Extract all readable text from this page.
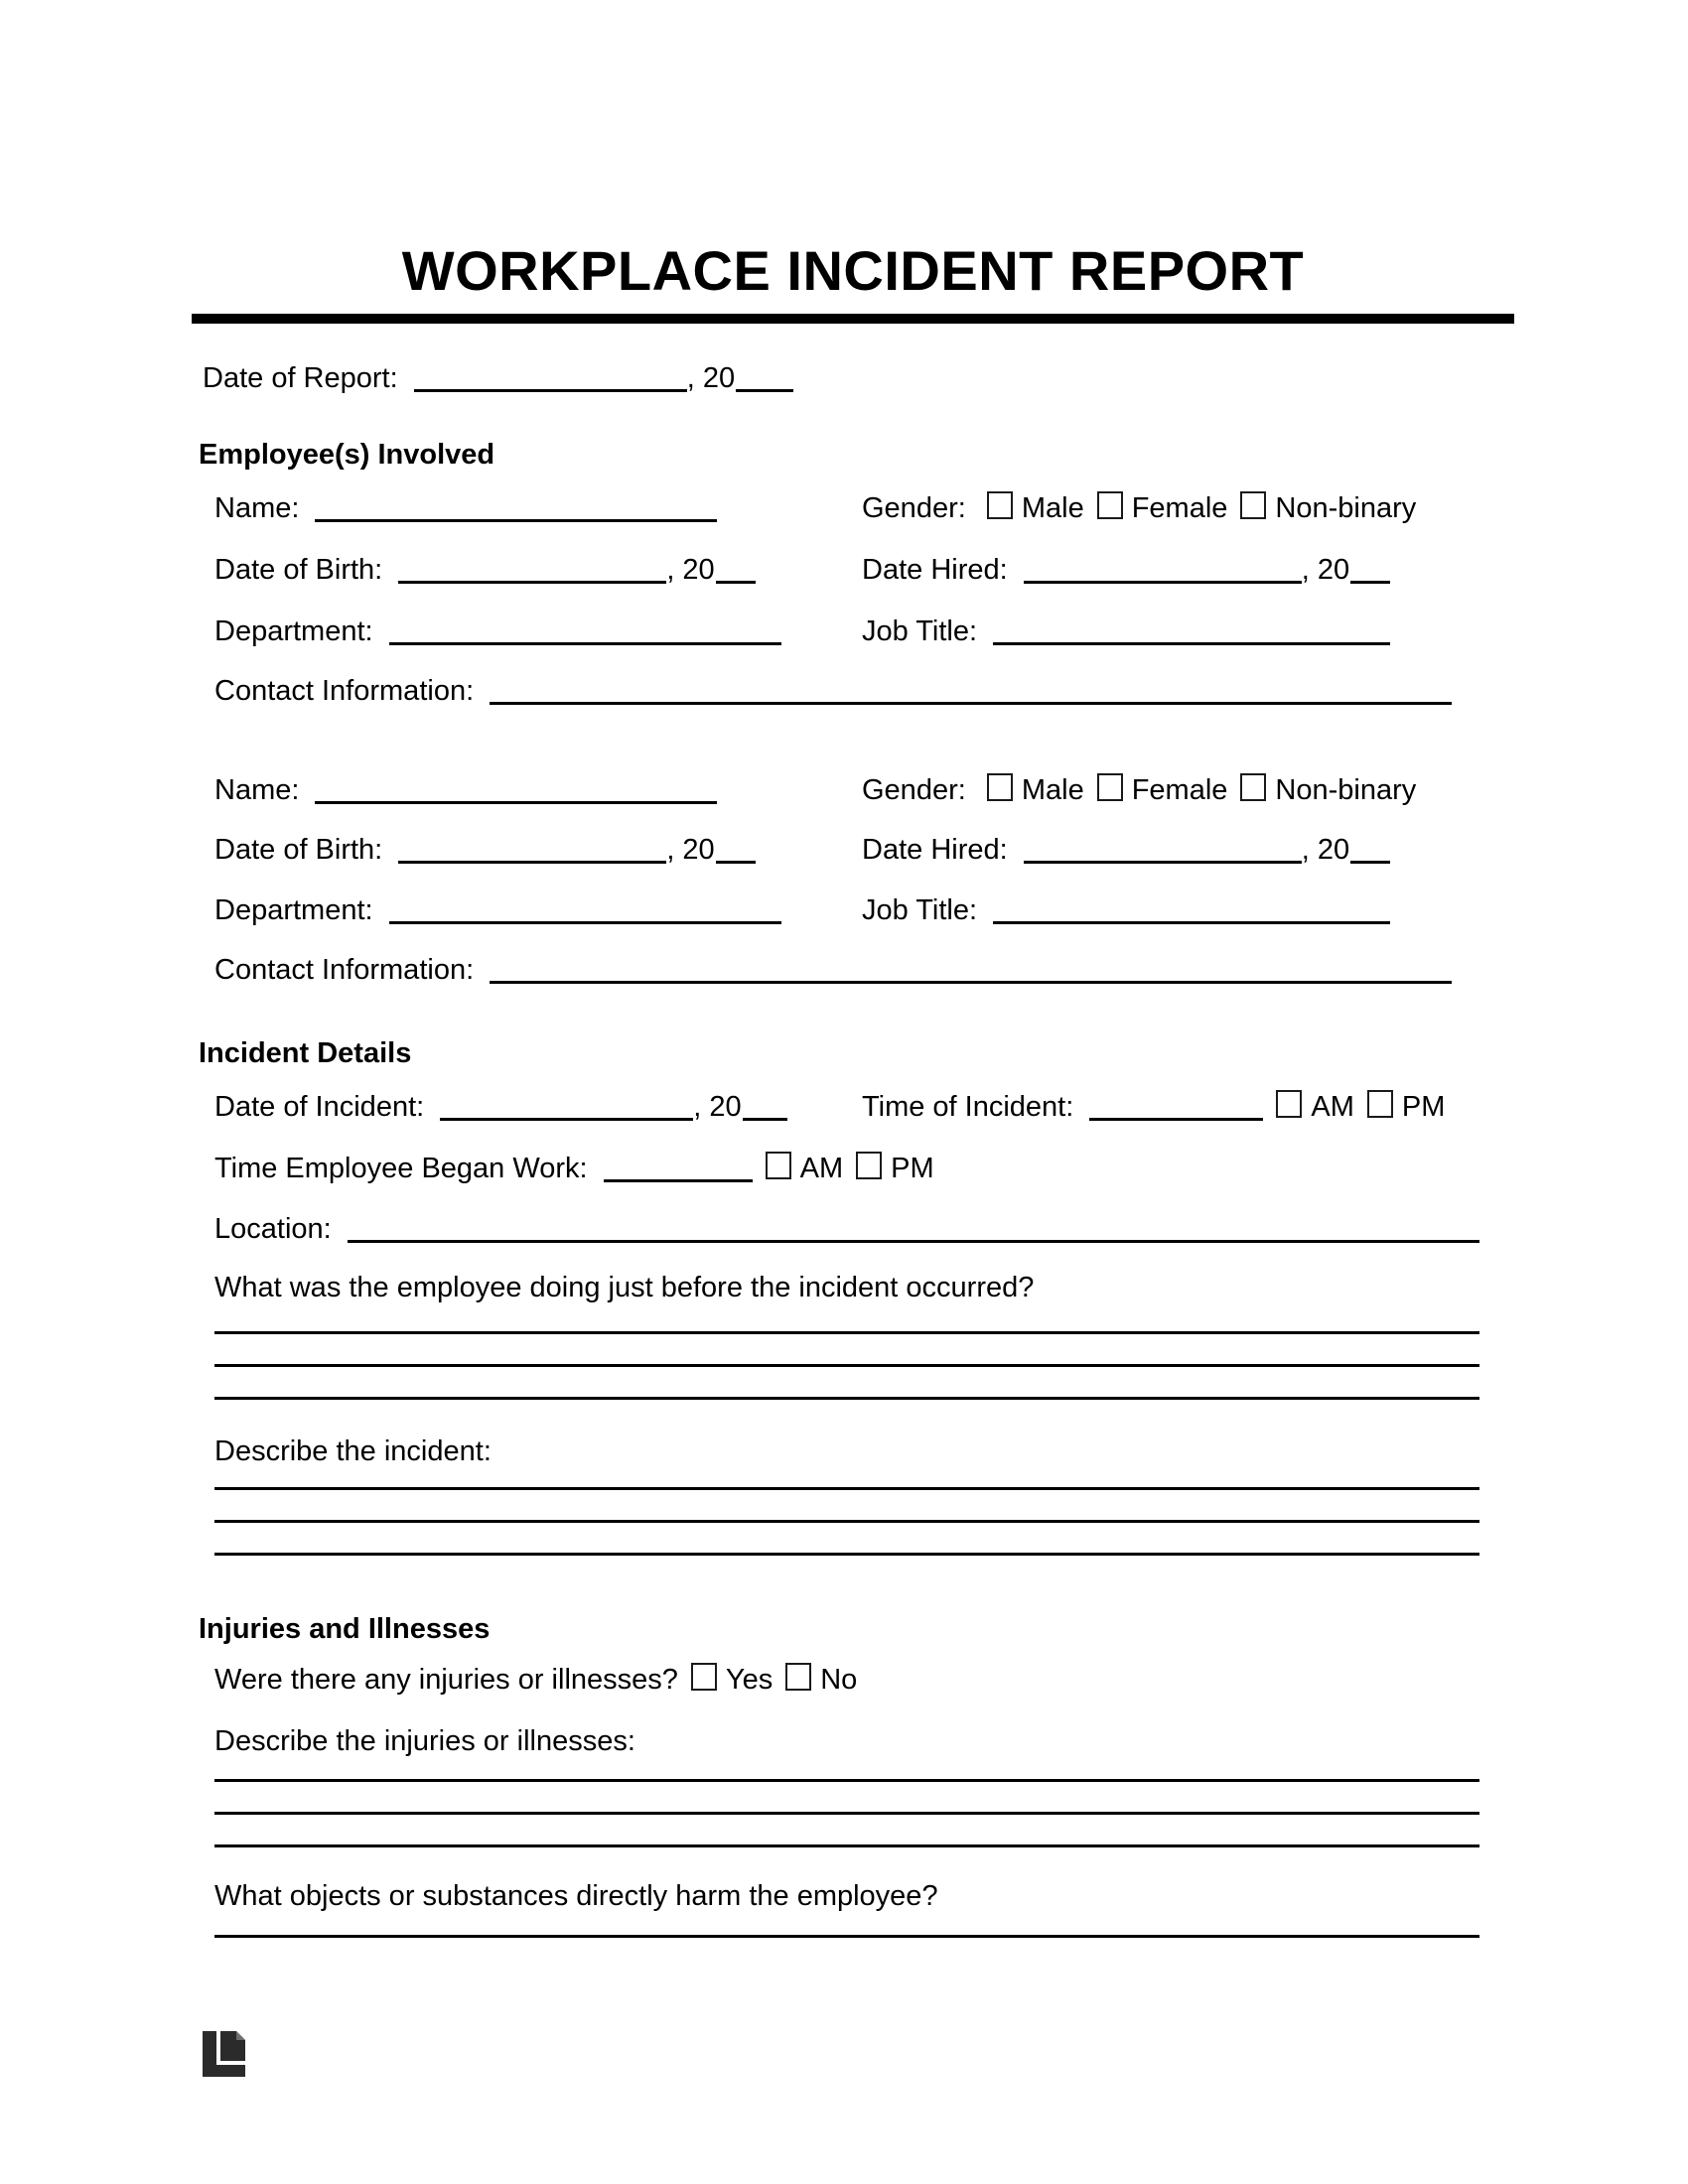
WORKPLACE INCIDENT REPORT
Date of Report:	, 20
Employee(s) Involved
Name:	Gender: Male Female Non-binary
Date of Birth:	, 20	Date Hired:	, 20
Department:	Job Title:
Contact Information:
Name:	Gender: Male Female Non-binary
Date of Birth:	, 20	Date Hired:	, 20
Department:	Job Title:
Contact Information:
Incident Details
Date of Incident:	, 20	Time of Incident:	AM PM
Time Employee Began Work:	AM PM
Location:
What was the employee doing just before the incident occurred?
Describe the incident:
Injuries and Illnesses
Were there any injuries or illnesses? Yes No
Describe the injuries or illnesses:
What objects or substances directly harm the employee?
